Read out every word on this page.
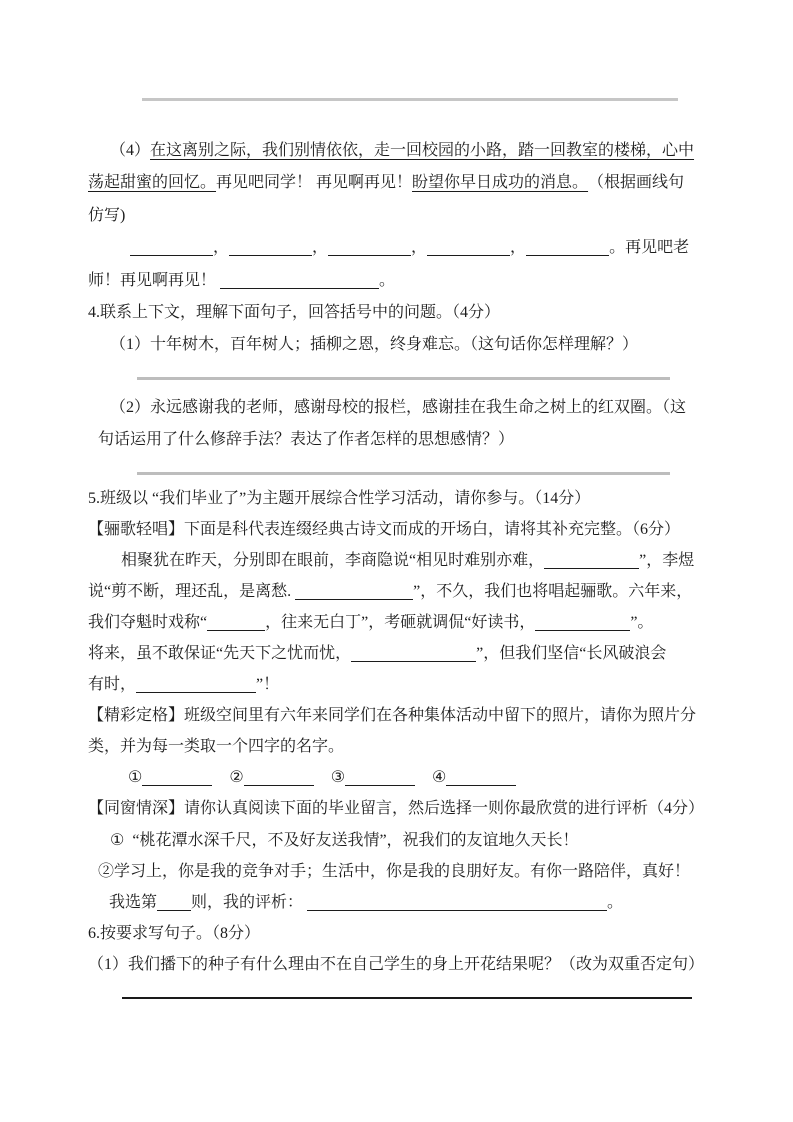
（4）在这离别之际，我们别情依依，走一回校园的小路，踏一回教室的楼梯，心中
荡起甜蜜的回忆。再见吧同学！ 再见啊再见！盼望你早日成功的消息。 （根据画线句
仿写)
，	，	，	，	。再见吧老
师！再见啊再见！	。
4.联系上下文，理解下面句子，回答括号中的问题。（4分）
（1）十年树木，百年树人；插柳之恩，终身难忘。（这句话你怎样理解？）
（2）永远感谢我的老师，感谢母校的报栏，感谢挂在我生命之树上的红双圈。（这
句话运用了什么修辞手法？表达了作者怎样的思想感情？）
5.班级以 “我们毕业了”为主题开展综合性学习活动，请你参与。（14分）
【骊歌轻唱】下面是科代表连缀经典古诗文而成的开场白，请将其补充完整。（6分）
相聚犹在昨天，分别即在眼前，李商隐说“相见时难别亦难，	”，李煜
说“剪不断，理还乱，是离愁.	”，不久，我们也将唱起骊歌。六年来，
我们夺魁时戏称“	，往来无白丁”，考砸就调侃“好读书，	”。
将来，虽不敢保证“先天下之忧而忧，	”，但我们坚信“长风破浪会
有时，	”！
【精彩定格】班级空间里有六年来同学们在各种集体活动中留下的照片，请你为照片分
类，并为每一类取一个四字的名字。
①	②	③	④
【同窗情深】请你认真阅读下面的毕业留言，然后选择一则你最欣赏的进行评析（4分）
① “桃花潭水深千尺，不及好友送我情”，祝我们的友谊地久天长！
②学习上，你是我的竞争对手；生活中，你是我的良朋好友。有你一路陪伴，真好！
我选第 则，我的评析：	。
6.按要求写句子。（8分）
（1）我们播下的种子有什么理由不在自己学生的身上开花结果呢？（改为双重否定句）
